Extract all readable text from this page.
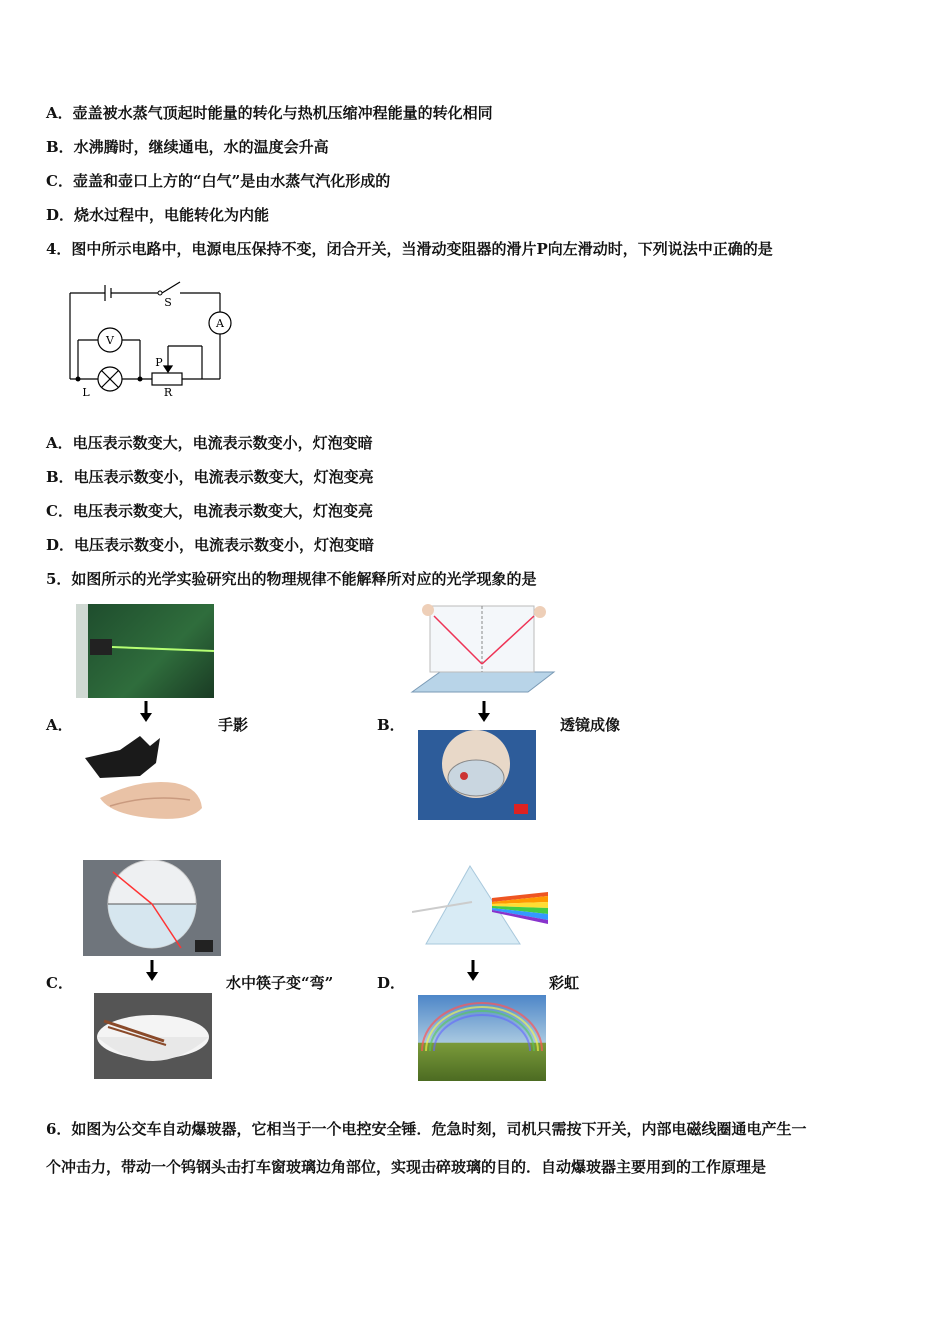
A．壶盖被水蒸气顶起时能量的转化与热机压缩冲程能量的转化相同
B．水沸腾时，继续通电，水的温度会升高
C．壶盖和壶口上方的“白气”是由水蒸气汽化形成的
D．烧水过程中，电能转化为内能
4．图中所示电路中，电源电压保持不变，闭合开关，当滑动变阻器的滑片P向左滑动时，下列说法中正确的是
S
A
V
L
P
R
A．电压表示数变大，电流表示数变小，灯泡变暗
B．电压表示数变小，电流表示数变大，灯泡变亮
C．电压表示数变大，电流表示数变大，灯泡变亮
D．电压表示数变小，电流表示数变小，灯泡变暗
5．如图所示的光学实验研究出的物理规律不能解释所对应的光学现象的是
A．	手影	B．	透镜成像
C．	水中筷子变“弯”	D．	彩虹
6．如图为公交车自动爆玻器，它相当于一个电控安全锤．危急时刻，司机只需按下开关，内部电磁线圈通电产生一
个冲击力，带动一个钨钢头击打车窗玻璃边角部位，实现击碎玻璃的目的．自动爆玻器主要用到的工作原理是
